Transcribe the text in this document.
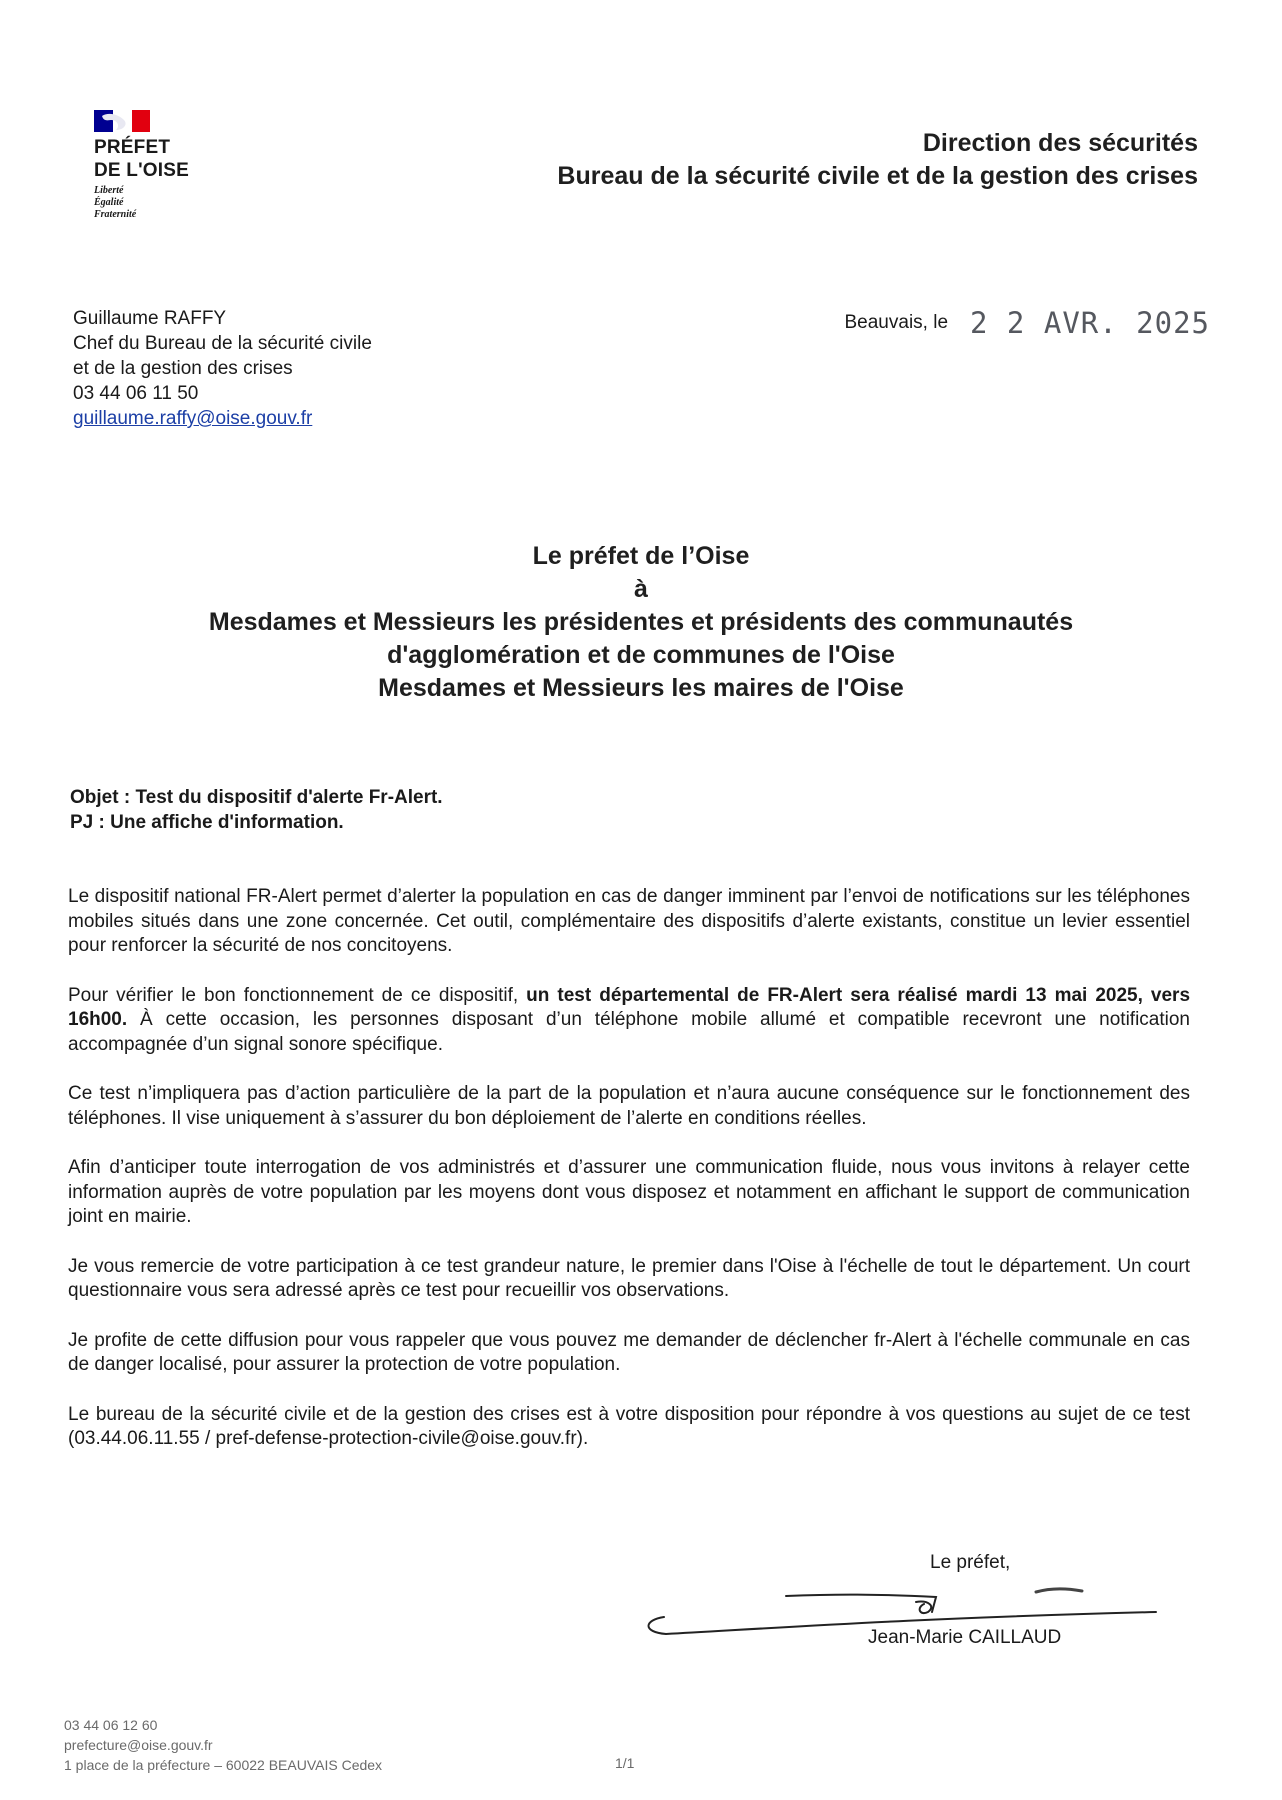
PRÉFET
DE L'OISE
Liberté
Égalité
Fraternité
Direction des sécurités
Bureau de la sécurité civile et de la gestion des crises
Guillaume RAFFY
Chef du Bureau de la sécurité civile
et de la gestion des crises
03 44 06 11 50
guillaume.raffy@oise.gouv.fr
Beauvais, le 2 2 AVR. 2025
Le préfet de l’Oise
à
Mesdames et Messieurs les présidentes et présidents des communautés
d'agglomération et de communes de l'Oise
Mesdames et Messieurs les maires de l'Oise
Objet : Test du dispositif d'alerte Fr-Alert.
PJ : Une affiche d'information.

Le dispositif national FR-Alert permet d’alerter la population en cas de danger imminent par l’envoi de notifications sur les téléphones mobiles situés dans une zone concernée. Cet outil, complémentaire des dispositifs d’alerte existants, constitue un levier essentiel pour renforcer la sécurité de nos concitoyens.

Pour vérifier le bon fonctionnement de ce dispositif, un test départemental de FR-Alert sera réalisé mardi 13 mai 2025, vers 16h00. À cette occasion, les personnes disposant d’un téléphone mobile allumé et compatible recevront une notification accompagnée d’un signal sonore spécifique.

Ce test n’impliquera pas d’action particulière de la part de la population et n’aura aucune conséquence sur le fonctionnement des téléphones. Il vise uniquement à s’assurer du bon déploiement de l’alerte en conditions réelles.

Afin d’anticiper toute interrogation de vos administrés et d’assurer une communication fluide, nous vous invitons à relayer cette information auprès de votre population par les moyens dont vous disposez et notamment en affichant le support de communication joint en mairie.

Je vous remercie de votre participation à ce test grandeur nature, le premier dans l'Oise à l'échelle de tout le département. Un court questionnaire vous sera adressé après ce test pour recueillir vos observations.

Je profite de cette diffusion pour vous rappeler que vous pouvez me demander de déclencher fr-Alert à l'échelle communale en cas de danger localisé, pour assurer la protection de votre population.

Le bureau de la sécurité civile et de la gestion des crises est à votre disposition pour répondre à vos questions au sujet de ce test (03.44.06.11.55 / pref-defense-protection-civile@oise.gouv.fr).

Le préfet,
Jean-Marie CAILLAUD
03 44 06 12 60
prefecture@oise.gouv.fr
1 place de la préfecture – 60022 BEAUVAIS Cedex	1/1
